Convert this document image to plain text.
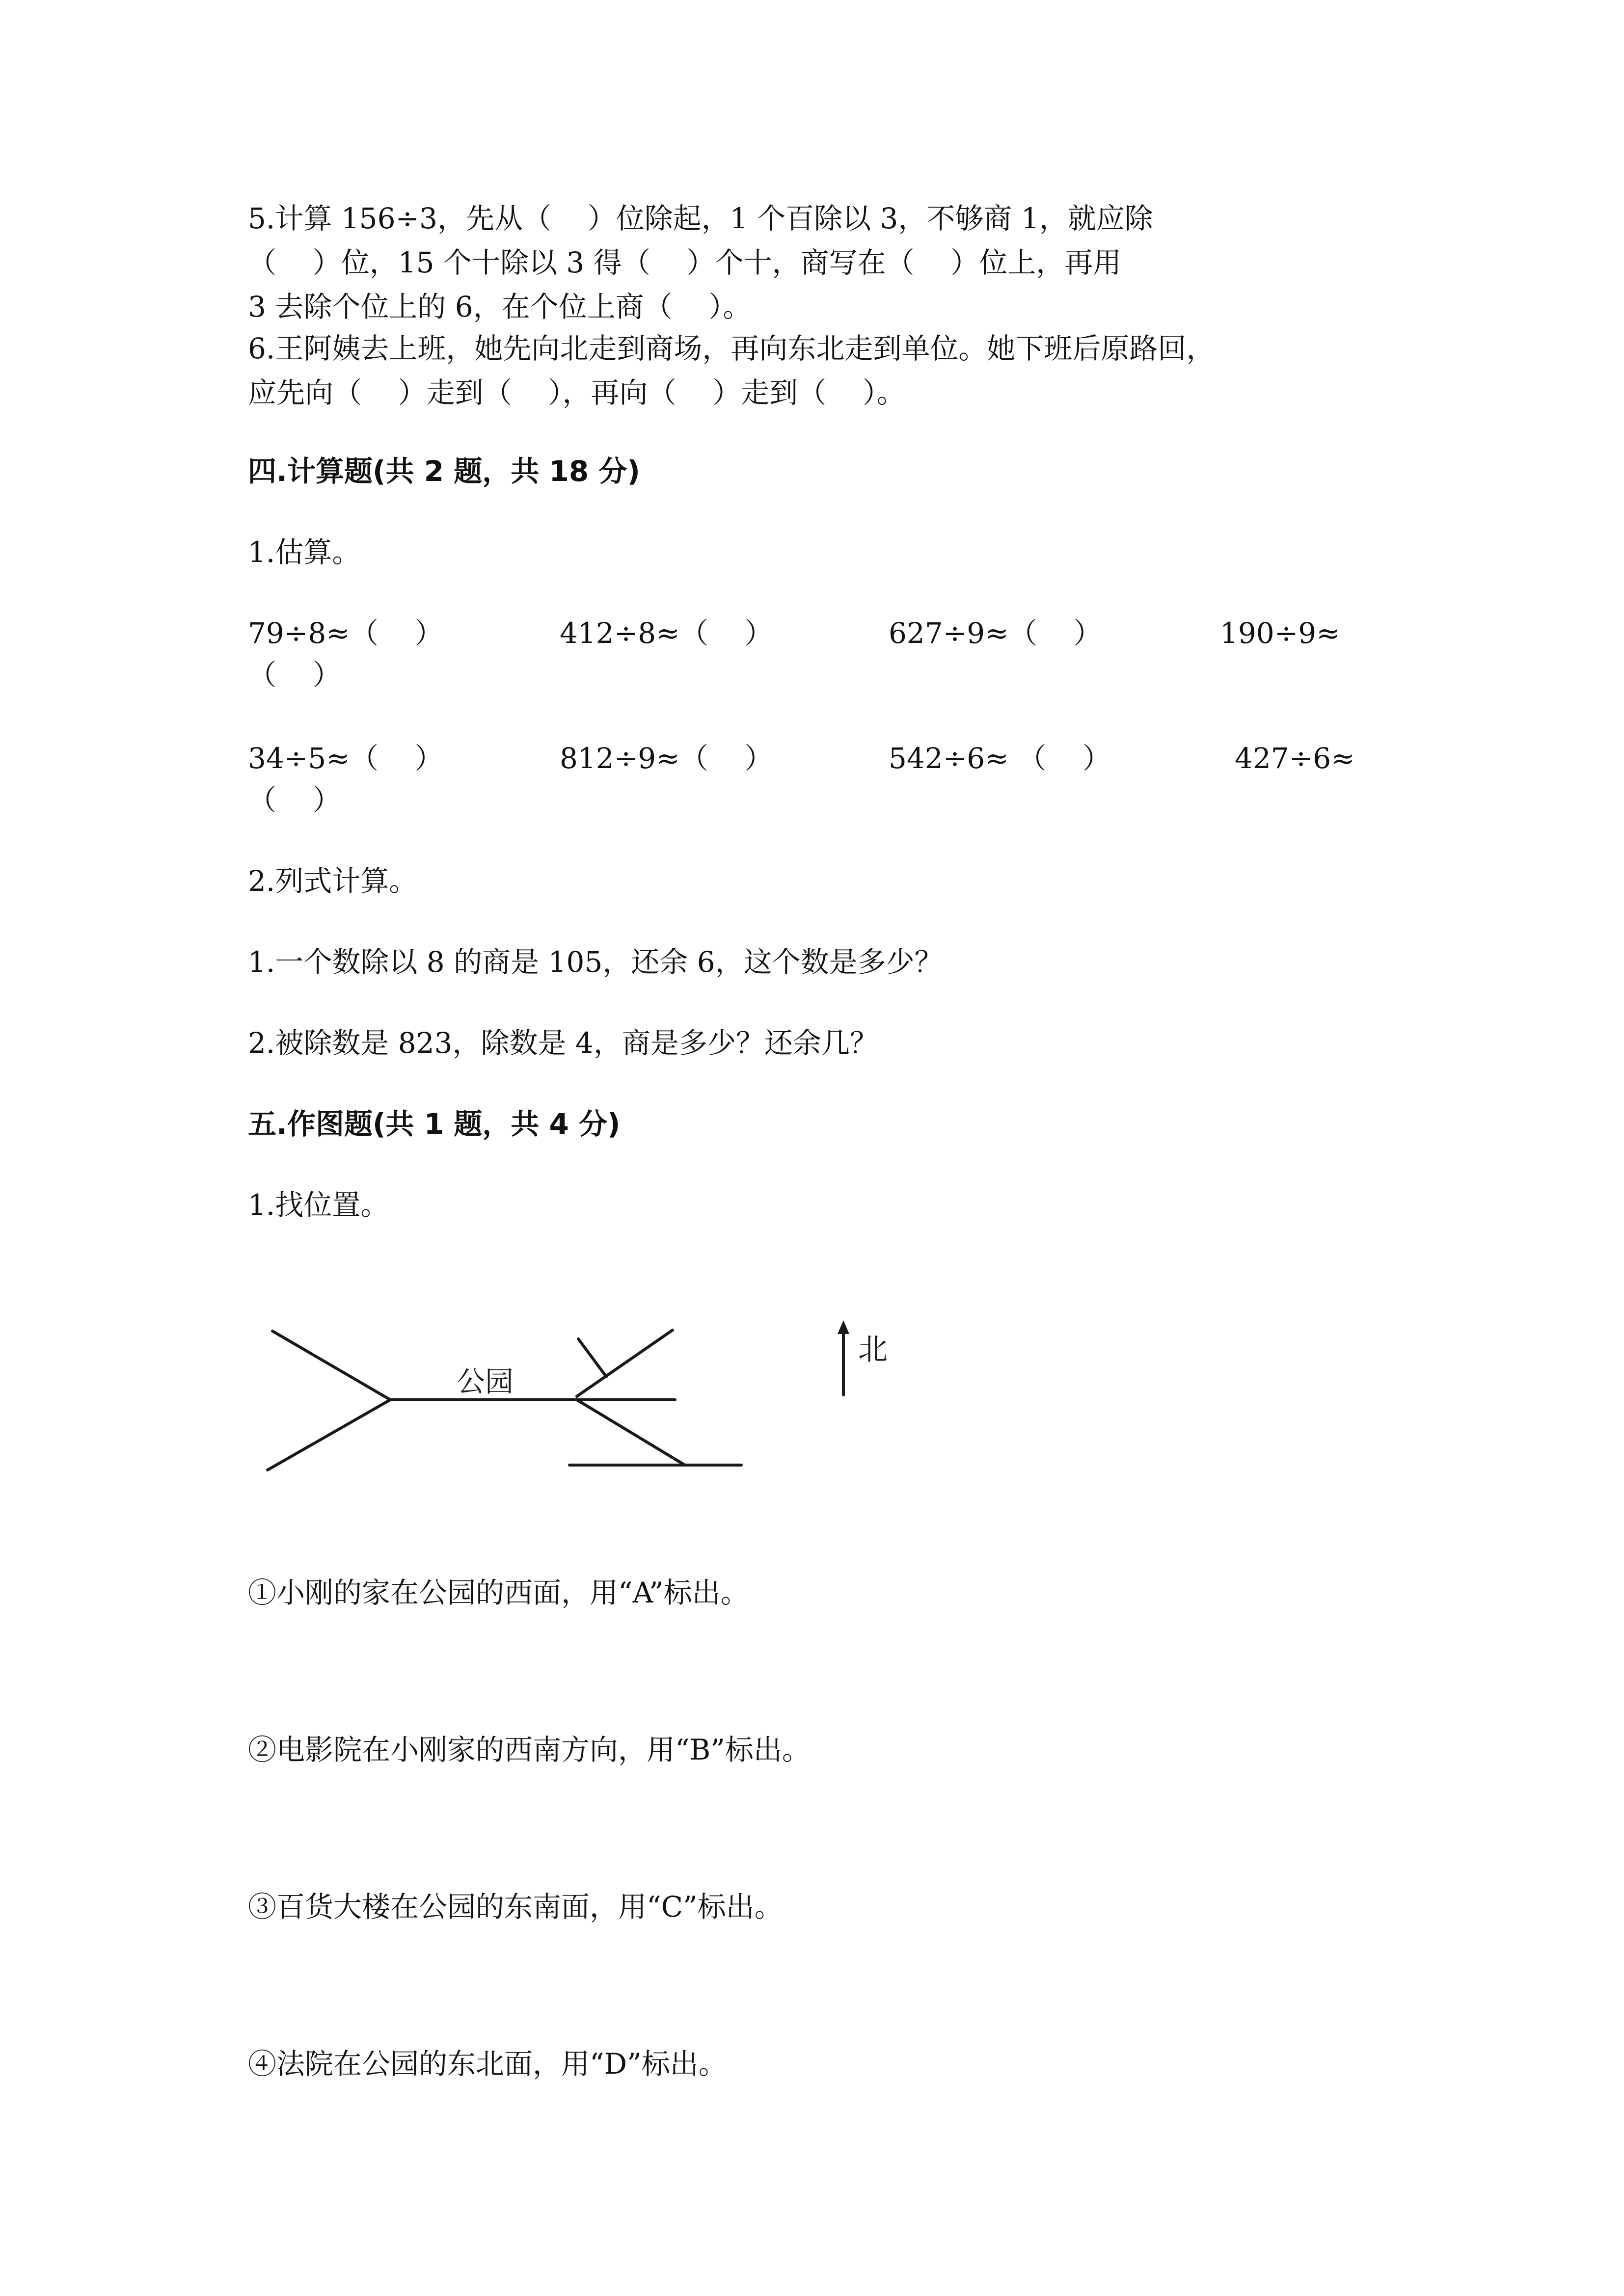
5.计算 156÷3，先从（    ）位除起，1 个百除以 3，不够商 1，就应除
（    ）位，15 个十除以 3 得（    ）个十，商写在（    ）位上，再用
3 去除个位上的 6，在个位上商（    ）。
6.王阿姨去上班，她先向北走到商场，再向东北走到单位。她下班后原路回，
应先向（    ）走到（    ），再向（    ）走到（    ）。
四.计算题(共 2 题，共 18 分)
1.估算。
79÷8≈（    ）	412÷8≈（    ）	627÷9≈（    ）	190÷9≈
（    ）
34÷5≈（    ）	812÷9≈（    ）	542÷6≈ （    ）	427÷6≈
（    ）
2.列式计算。
1.一个数除以 8 的商是 105，还余 6，这个数是多少？
2.被除数是 823，除数是 4，商是多少？还余几？
五.作图题(共 1 题，共 4 分)
1.找位置。
公园
北
①小刚的家在公园的西面，用“A”标出。
②电影院在小刚家的西南方向，用“B”标出。
③百货大楼在公园的东南面，用“C”标出。
④法院在公园的东北面，用“D”标出。
